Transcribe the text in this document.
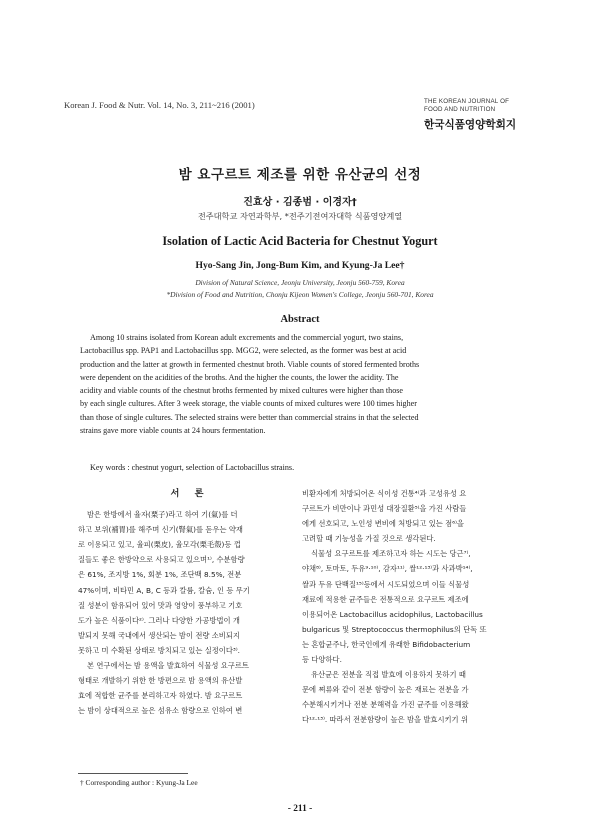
Korean J. Food & Nutr. Vol. 14, No. 3, 211~216 (2001)	THE KOREAN JOURNAL OF
FOOD AND NUTRITION
한국식품영양학회지
밤 요구르트 제조를 위한 유산균의 선정
진효상 · 김종범 · 이경자†
전주대학교 자연과학부, *전주기전여자대학 식품영양계열
Isolation of Lactic Acid Bacteria for Chestnut Yogurt
Hyo-Sang Jin, Jong-Bum Kim, and Kyung-Ja Lee†
Division of Natural Science, Jeonju University, Jeonju 560-759, Korea
*Division of Food and Nutrition, Chonju Kijeon Women's College, Jeonju 560-701, Korea
Abstract
Among 10 strains isolated from Korean adult excrements and the commercial yogurt, two stains,
Lactobacillus spp. PAP1 and Lactobacillus spp. MGG2, were selected, as the former was best at acid
production and the latter at growth in fermented chestnut broth. Viable counts of stored fermented broths
were dependent on the acidities of the broths. And the higher the counts, the lower the acidity. The
acidity and viable counts of the chestnut broths fermented by mixed cultures were higher than those
by each single cultures. After 3 week storage, the viable counts of mixed cultures were 100 times higher
than those of single cultures. The selected strains were better than commercial strains in that the selected
strains gave more viable counts at 24 hours fermentation.
Key words : chestnut yogurt, selection of Lactobacillus strains.
서 론
밤은 한방에서 율자(栗子)라고 하여 기(氣)를 더
하고 보위(補胃)를 해주며 신기(腎氣)를 돋우는 약재
로 이용되고 있고, 율피(栗皮), 율모각(栗毛殼)등 껍
질들도 좋은 한방약으로 사용되고 있으며¹⁾, 수분함량
은 61%, 조지방 1%, 회분 1%, 조단백 8.5%, 전분
47%이며, 비타민 A, B, C 등과 칼륨, 칼슘, 인 등 무기
질 성분이 함유되어 있어 맛과 영양이 풍부하고 기호
도가 높은 식품이다²⁾. 그러나 다양한 가공방법이 개
발되지 못해 국내에서 생산되는 밤이 전량 소비되지
못하고 미 수확된 상태로 방치되고 있는 실정이다³⁾.
본 연구에서는 밤 용액을 발효하여 식물성 요구르트
형태로 개발하기 위한 한 방편으로 밤 용액의 유산발
효에 적합한 균주를 분리하고자 하였다. 밤 요구르트
는 밤이 상대적으로 높은 섬유소 함량으로 인하여 변
비환자에게 처방되어온 식이성 건통⁴⁾과 고성유성 요
구르트가 비만이나 과민성 대장질환⁵⁾을 가진 사람들
에게 선호되고, 노인성 변비에 처방되고 있는 점⁶⁾을
고려할 때 기능성을 가질 것으로 생각된다.
식물성 요구르트를 제조하고자 하는 시도는 당근⁷⁾,
야채⁸⁾, 토마토, 두유⁹·¹⁰⁾, 감자¹¹⁾, 쌀¹²·¹³⁾과 사과박¹⁴⁾,
쌀과 두유 단백질¹⁵⁾등에서 시도되었으며 이들 식물성
재료에 적용한 균주들은 전통적으로 요구르트 제조에
이용되어온 Lactobacillus acidophilus, Lactobacillus
bulgaricus 및 Streptococcus thermophilus의 단독 또
는 혼합균주나, 한국인에게 유래한 Bifidobacterium
등 다양하다.
유산균은 전분을 직접 발효에 이용하지 못하기 때
문에 쪄류와 같이 전분 함량이 높은 재료는 전분을 가
수분해시키거나 전분 분해력을 가진 균주를 이용해왔
다¹²·¹³⁾. 따라서 전분함량이 높은 밤을 발효시키기 위
† Corresponding author : Kyung-Ja Lee
- 211 -
